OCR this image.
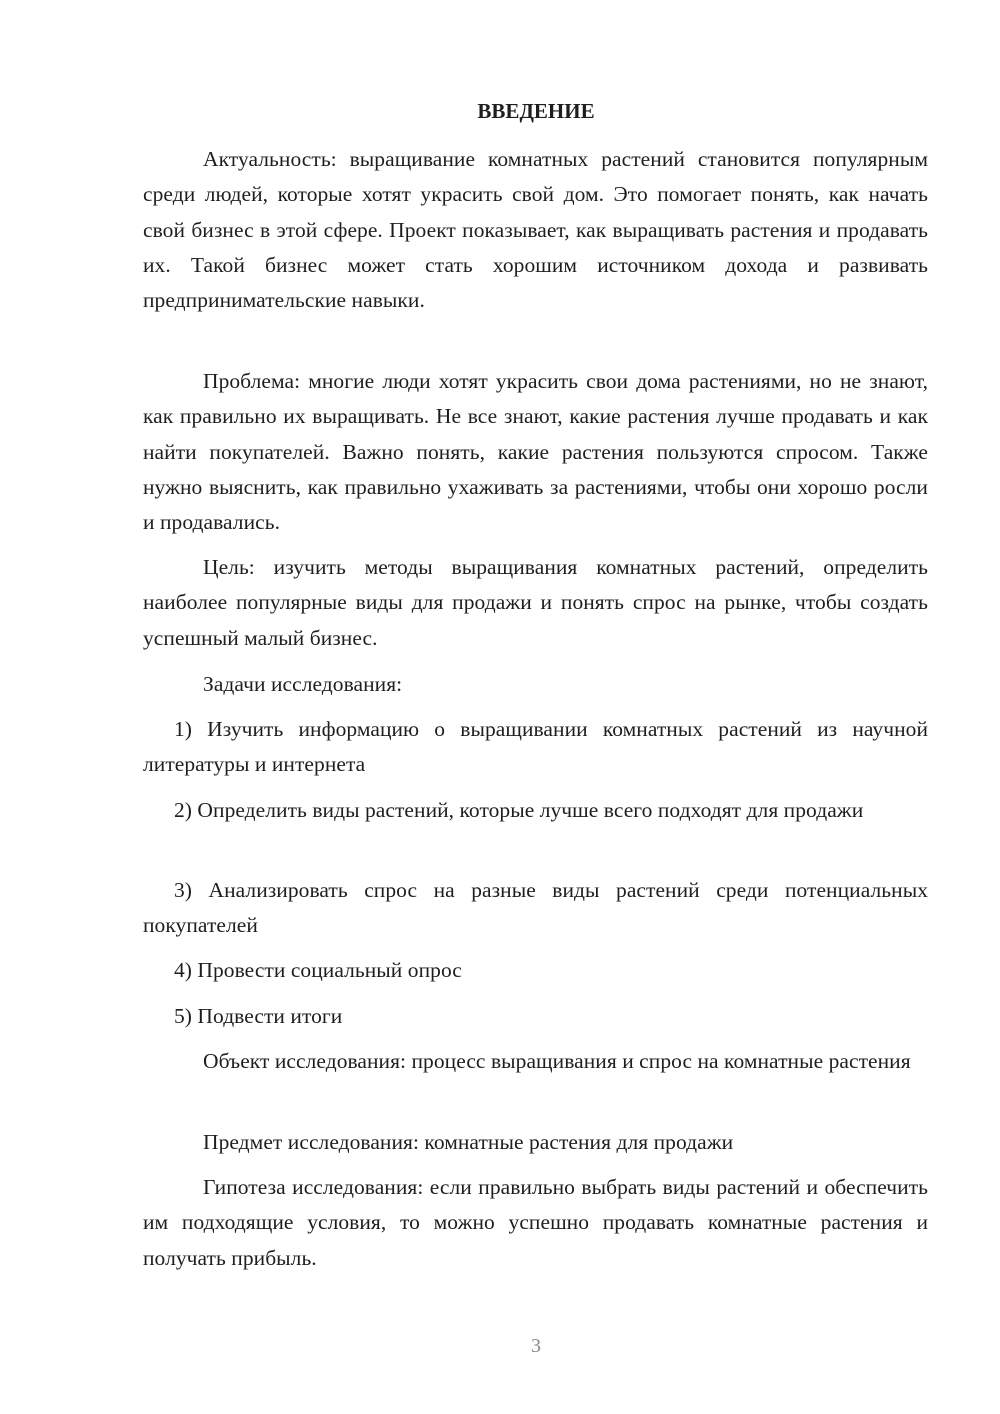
ВВЕДЕНИЕ

Актуальность: выращивание комнатных растений становится популярным среди людей, которые хотят украсить свой дом. Это помогает понять, как начать свой бизнес в этой сфере. Проект показывает, как выращивать растения и продавать их. Такой бизнес может стать хорошим источником дохода и развивать предпринимательские навыки.

Проблема: многие люди хотят украсить свои дома растениями, но не знают, как правильно их выращивать. Не все знают, какие растения лучше продавать и как найти покупателей. Важно понять, какие растения пользуются спросом. Также нужно выяснить, как правильно ухаживать за растениями, чтобы они хорошо росли и продавались.

Цель: изучить методы выращивания комнатных растений, определить наиболее популярные виды для продажи и понять спрос на рынке, чтобы создать успешный малый бизнес.

Задачи исследования:

1) Изучить информацию о выращивании комнатных растений из научной литературы и интернета

2) Определить виды растений, которые лучше всего подходят для продажи

3) Анализировать спрос на разные виды растений среди потенциальных покупателей

4) Провести социальный опрос

5) Подвести итоги

Объект исследования: процесс выращивания и спрос на комнатные растения

Предмет исследования: комнатные растения для продажи

Гипотеза исследования: если правильно выбрать виды растений и обеспечить им подходящие условия, то можно успешно продавать комнатные растения и получать прибыль.

3
